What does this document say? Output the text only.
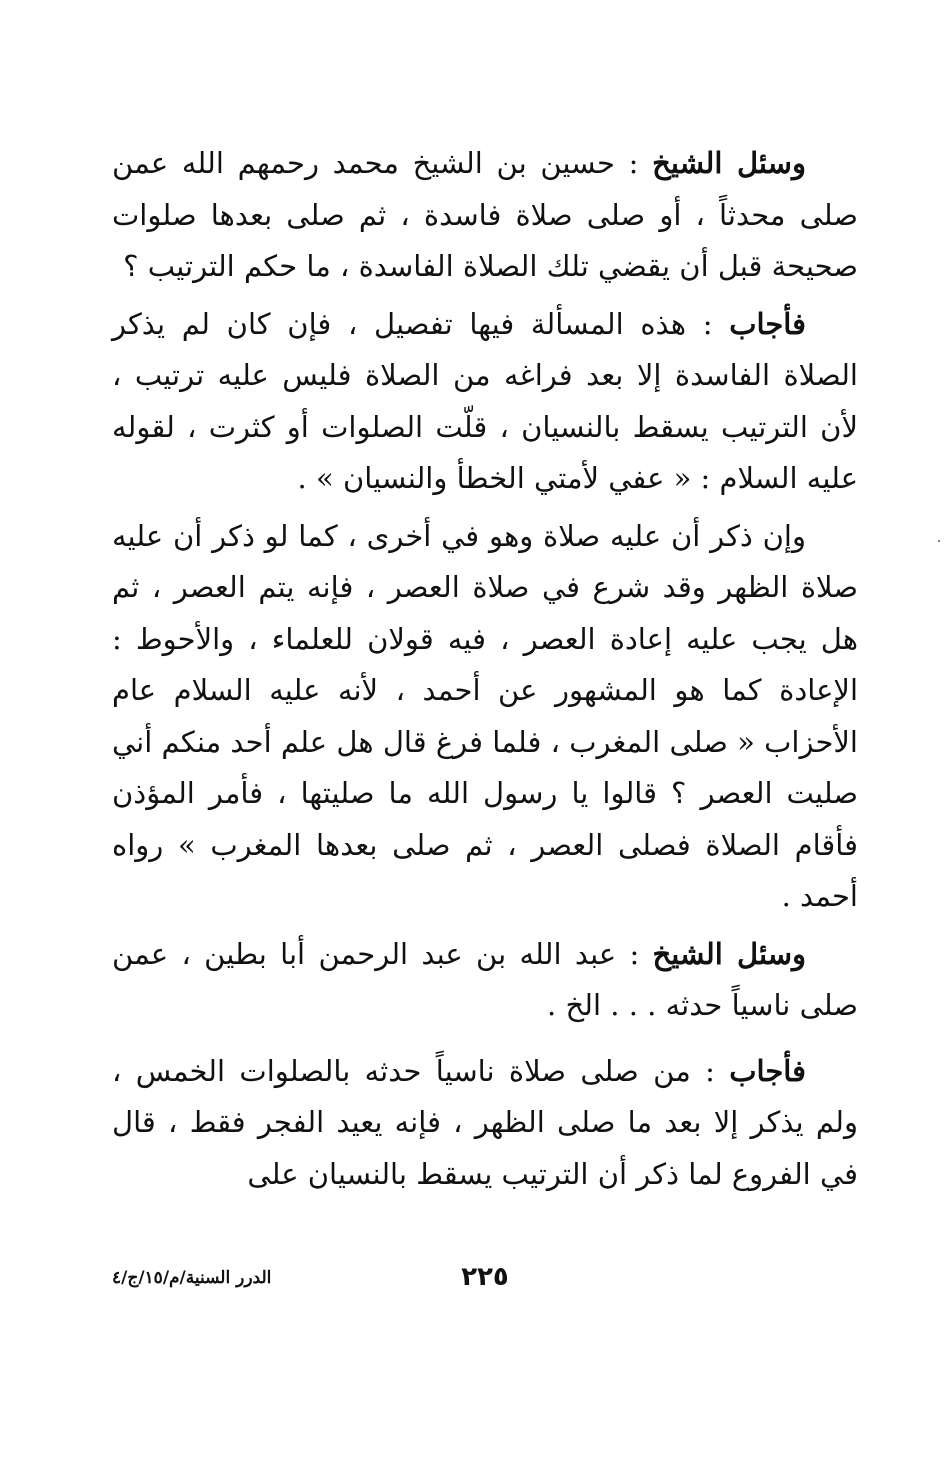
وسئل الشيخ : حسين بن الشيخ محمد رحمهم الله عمن صلى محدثاً ، أو صلى صلاة فاسدة ، ثم صلى بعدها صلوات صحيحة قبل أن يقضي تلك الصلاة الفاسدة ، ما حكم الترتيب ؟

فأجاب : هذه المسألة فيها تفصيل ، فإن كان لم يذكر الصلاة الفاسدة إلا بعد فراغه من الصلاة فليس عليه ترتيب ، لأن الترتيب يسقط بالنسيان ، قلّت الصلوات أو كثرت ، لقوله عليه السلام : « عفي لأمتي الخطأ والنسيان » .

وإن ذكر أن عليه صلاة وهو في أخرى ، كما لو ذكر أن عليه صلاة الظهر وقد شرع في صلاة العصر ، فإنه يتم العصر ، ثم هل يجب عليه إعادة العصر ، فيه قولان للعلماء ، والأحوط : الإعادة كما هو المشهور عن أحمد ، لأنه عليه السلام عام الأحزاب « صلى المغرب ، فلما فرغ قال هل علم أحد منكم أني صليت العصر ؟ قالوا يا رسول الله ما صليتها ، فأمر المؤذن فأقام الصلاة فصلى العصر ، ثم صلى بعدها المغرب » رواه أحمد .

وسئل الشيخ : عبد الله بن عبد الرحمن أبا بطين ، عمن صلى ناسياً حدثه . . . الخ .

فأجاب : من صلى صلاة ناسياً حدثه بالصلوات الخمس ، ولم يذكر إلا بعد ما صلى الظهر ، فإنه يعيد الفجر فقط ، قال في الفروع لما ذكر أن الترتيب يسقط بالنسيان على

الدرر السنية/م/١٥/ج/٤	٢٢٥
